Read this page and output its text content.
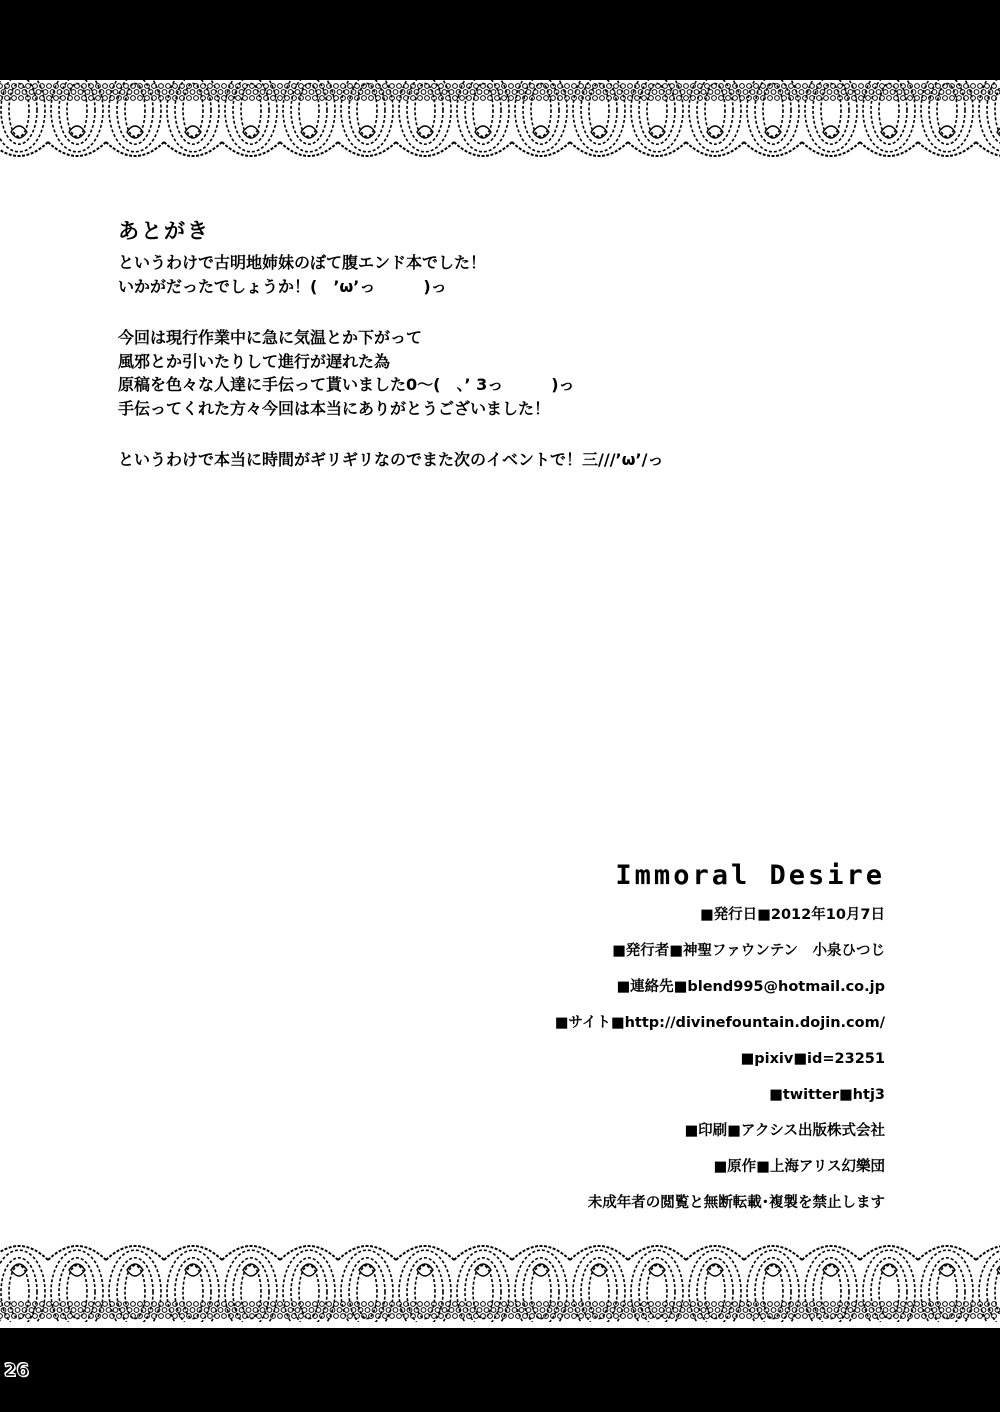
あとがき

というわけで古明地姉妹のぼて腹エンド本でした！
いかがだったでしょうか！(　’ω’っ　　　)っ

今回は現行作業中に急に気温とか下がって
風邪とか引いたりして進行が遅れた為
原稿を色々な人達に手伝って貰いました0～(　、’ 3っ　　　)っ
手伝ってくれた方々今回は本当にありがとうございました！

というわけで本当に時間がギリギリなのでまた次のイベントで！三///’ω’/っ

Immoral Desire
■発行日■2012年10月7日
■発行者■神聖ファウンテン　小泉ひつじ
■連絡先■blend995@hotmail.co.jp
■サイト■http://divinefountain.dojin.com/
■pixiv■id=23251
■twitter■htj3
■印刷■アクシス出版株式会社
■原作■上海アリス幻樂団
未成年者の閲覧と無断転載･複製を禁止します
26
